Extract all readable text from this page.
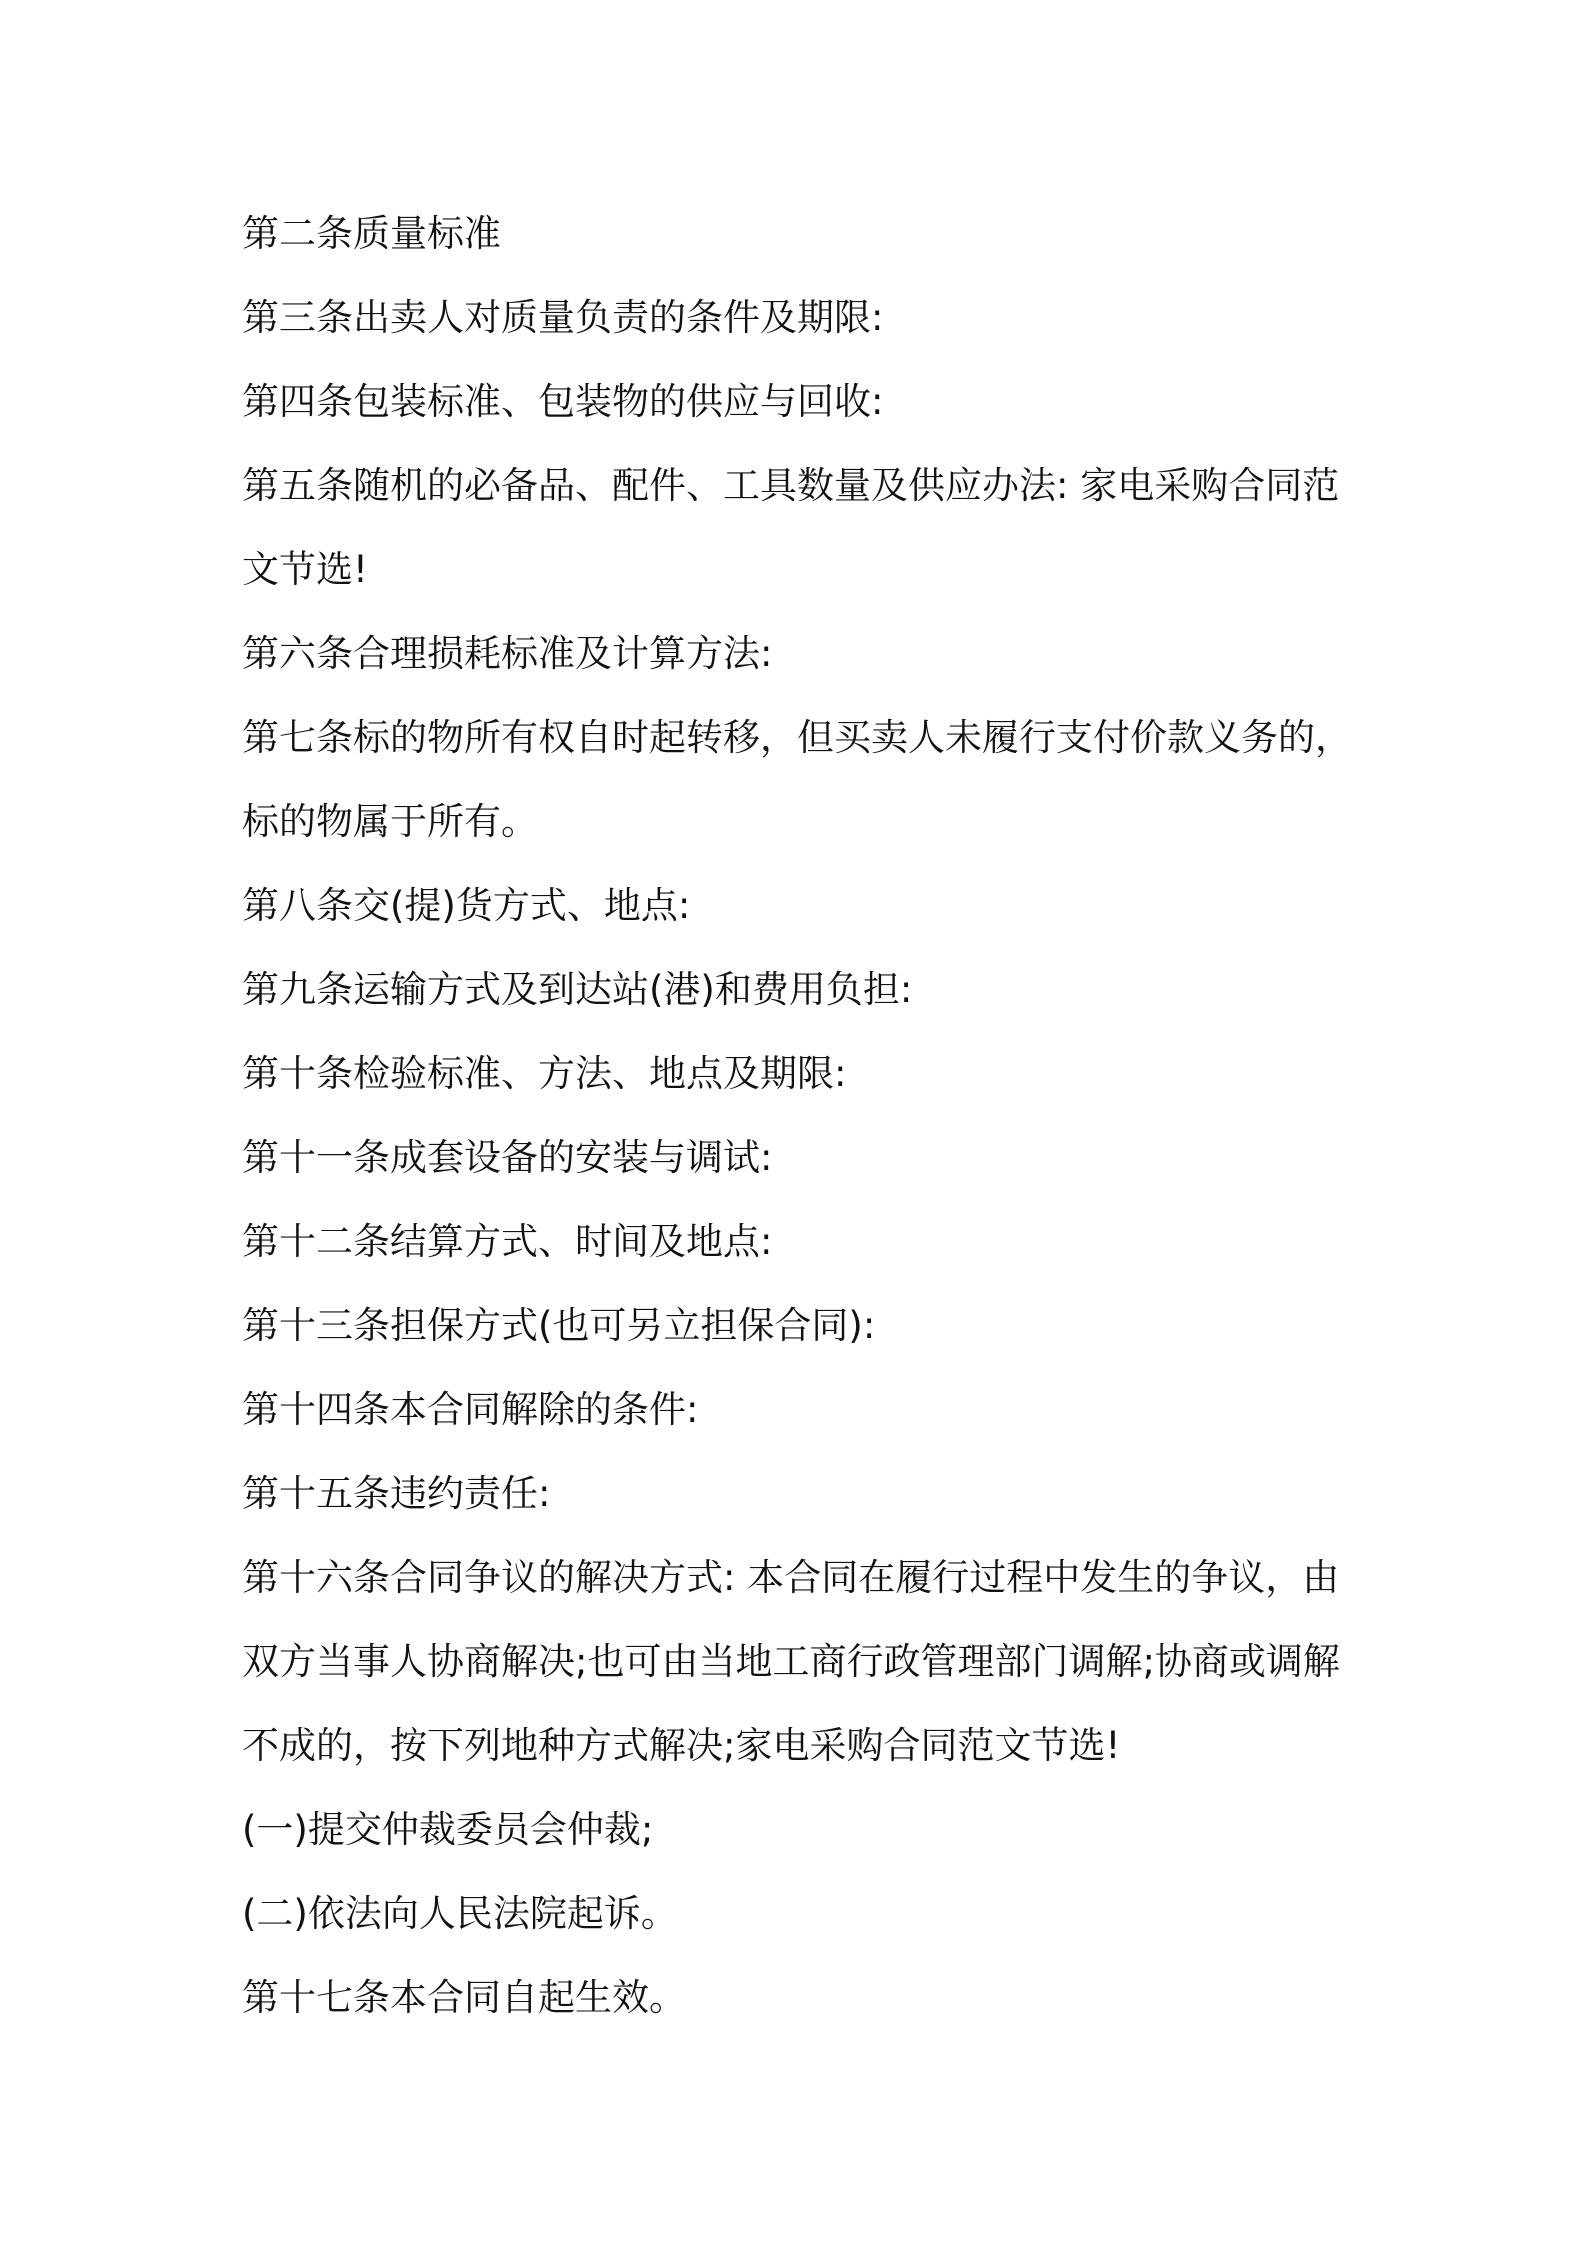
第二条质量标准
第三条出卖人对质量负责的条件及期限:
第四条包装标准、包装物的供应与回收:
第五条随机的必备品、配件、工具数量及供应办法: 家电采购合同范
文节选!
第六条合理损耗标准及计算方法:
第七条标的物所有权自时起转移，但买卖人未履行支付价款义务的，
标的物属于所有。
第八条交(提)货方式、地点:
第九条运输方式及到达站(港)和费用负担:
第十条检验标准、方法、地点及期限:
第十一条成套设备的安装与调试:
第十二条结算方式、时间及地点:
第十三条担保方式(也可另立担保合同):
第十四条本合同解除的条件:
第十五条违约责任:
第十六条合同争议的解决方式: 本合同在履行过程中发生的争议，由
双方当事人协商解决;也可由当地工商行政管理部门调解;协商或调解
不成的，按下列地种方式解决;家电采购合同范文节选!
(一)提交仲裁委员会仲裁;
(二)依法向人民法院起诉。
第十七条本合同自起生效。
